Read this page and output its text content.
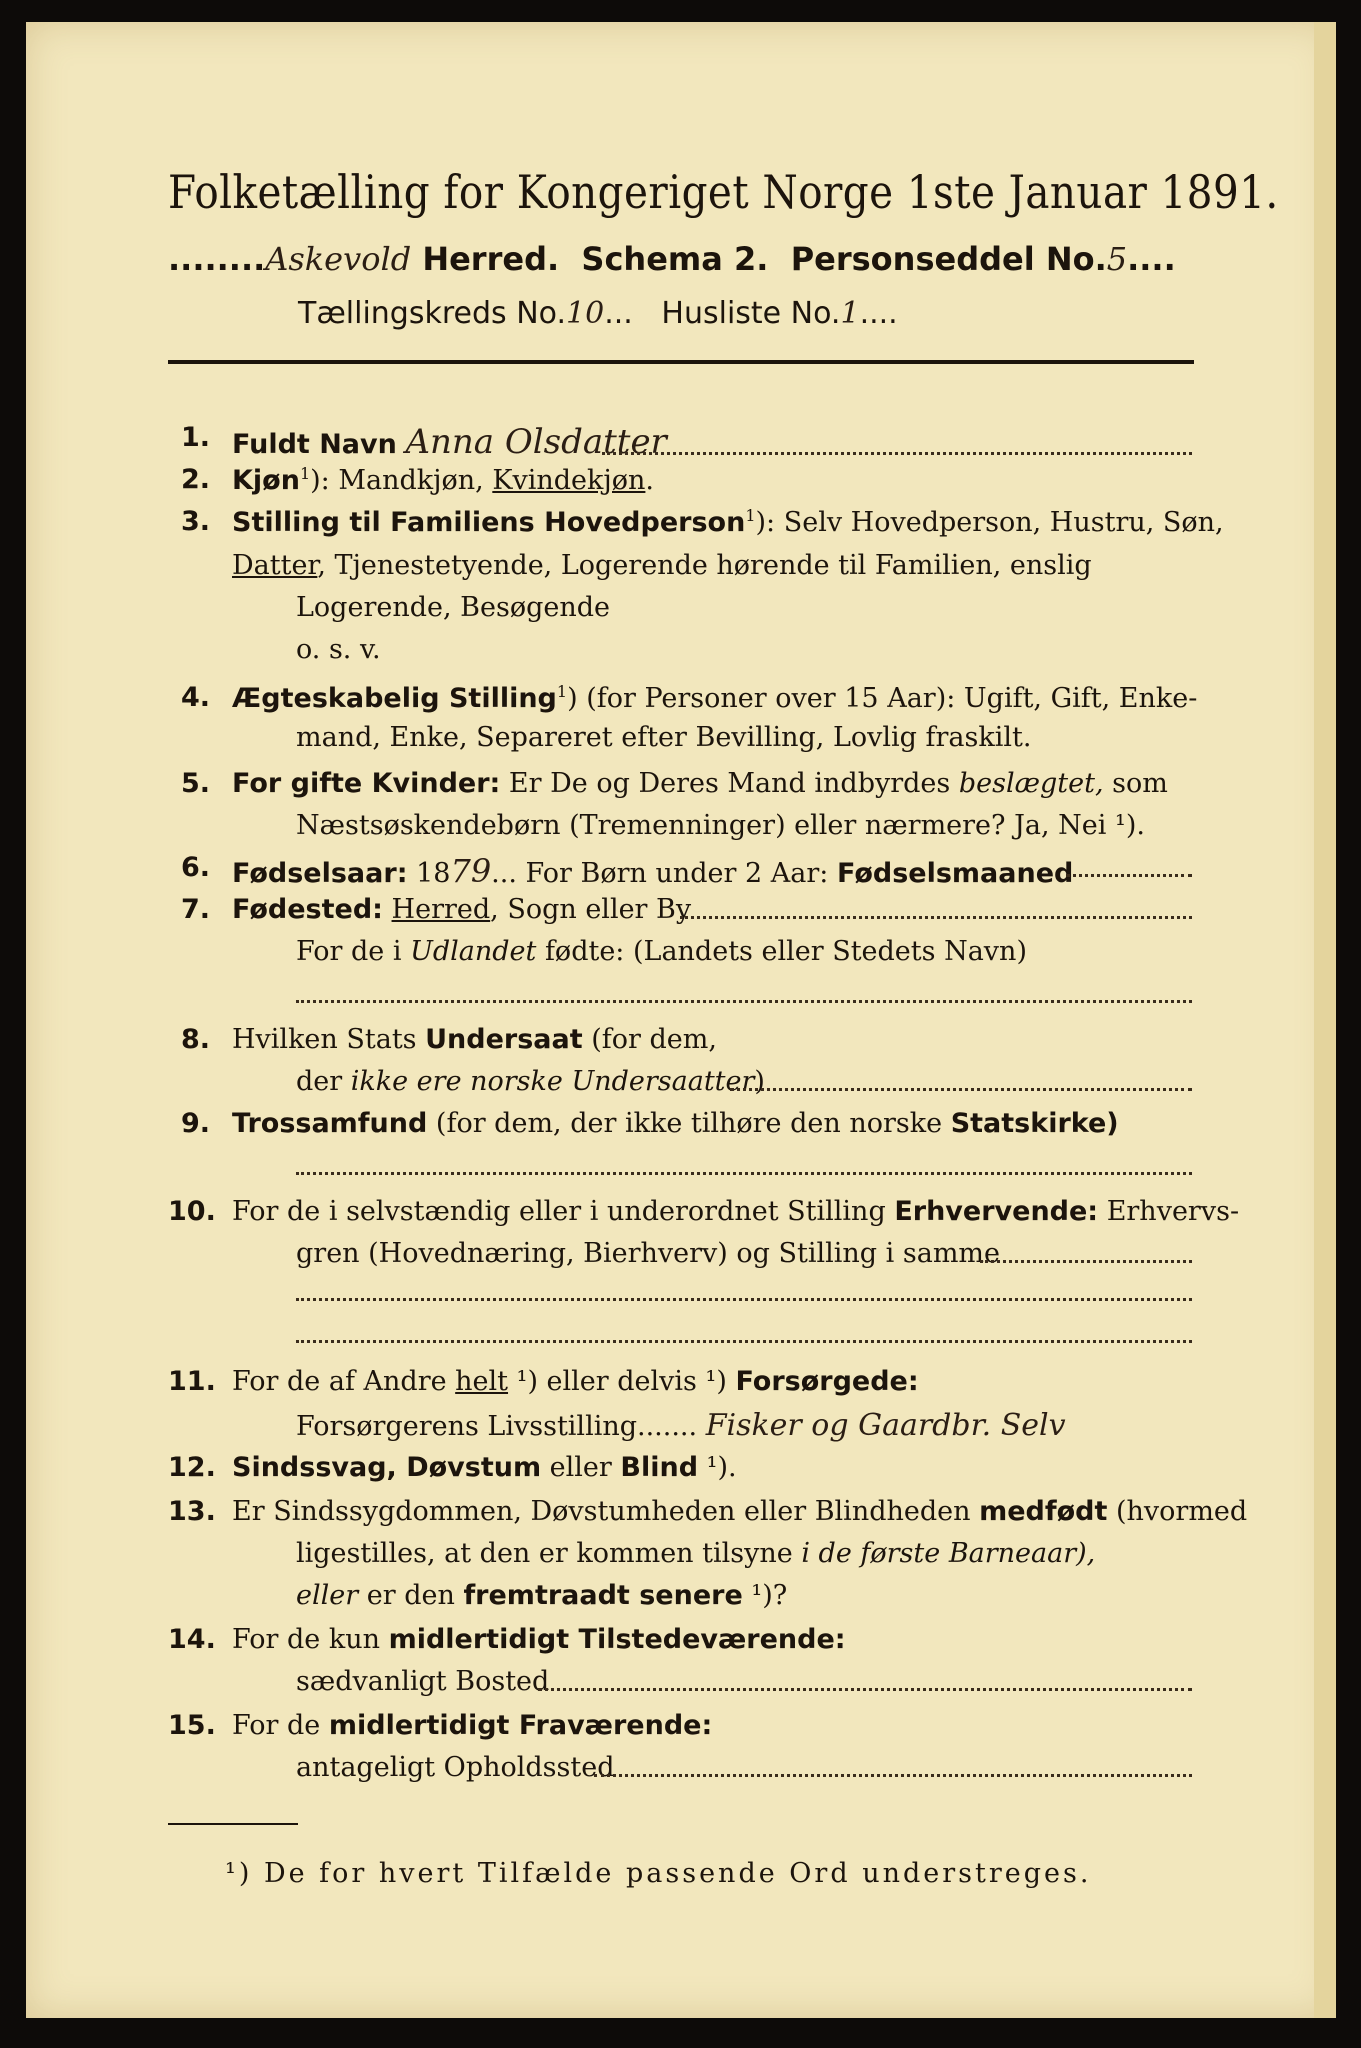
Folketælling for Kongeriget Norge 1ste Januar 1891.
........Askevold Herred. Schema 2. Personseddel No.5....
Tællingskreds No.10...   Husliste No.1....
1. Fuldt Navn Anna Olsdatter
2. Kjøn$^1$): Mandkjøn, Kvindekjøn.
3. Stilling til Familiens Hovedperson$^1$): Selv Hovedperson, Hustru, Søn,
Datter, Tjenestetyende, Logerende hørende til Familien, enslig
Logerende, Besøgende
o. s. v.
4. Ægteskabelig Stilling$^1$) (for Personer over 15 Aar): Ugift, Gift, Enke-
mand, Enke, Separeret efter Bevilling, Lovlig fraskilt.
5. For gifte Kvinder: Er De og Deres Mand indbyrdes beslægtet, som
Næstsøskendebørn (Tremenninger) eller nærmere? Ja, Nei ¹).
6. Fødselsaar: 1879... For Børn under 2 Aar: Fødselsmaaned
7. Fødested: Herred, Sogn eller By
For de i Udlandet fødte: (Landets eller Stedets Navn)
8. Hvilken Stats Undersaat (for dem,
der ikke ere norske Undersaatter)
9. Trossamfund (for dem, der ikke tilhøre den norske Statskirke)
10. For de i selvstændig eller i underordnet Stilling Erhvervende: Erhvervs-
gren (Hovednæring, Bierhverv) og Stilling i samme
11. For de af Andre helt ¹) eller delvis ¹) Forsørgede:
Forsørgerens Livsstilling....... Fisker og Gaardbr. Selv
12. Sindssvag, Døvstum eller Blind ¹).
13. Er Sindssygdommen, Døvstumheden eller Blindheden medfødt (hvormed
ligestilles, at den er kommen tilsyne i de første Barneaar),
eller er den fremtraadt senere ¹)?
14. For de kun midlertidigt Tilstedeværende:
sædvanligt Bosted
15. For de midlertidigt Fraværende:
antageligt Opholdssted
¹) De for hvert Tilfælde passende Ord understreges.
